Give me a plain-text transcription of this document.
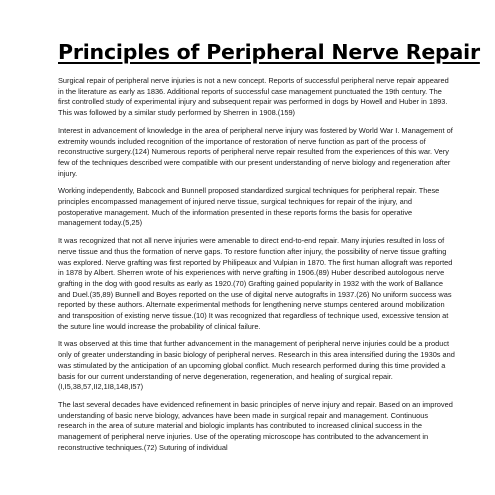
Principles of Peripheral Nerve Repair

Surgical repair of peripheral nerve injuries is not a new concept. Reports of successful peripheral nerve repair appeared in the literature as early as 1836. Additional reports of successful case management punctuated the 19th century. The first controlled study of experimental injury and subsequent repair was performed in dogs by Howell and Huber in 1893. This was followed by a similar study performed by Sherren in 1908.(159)

Interest in advancement of knowledge in the area of peripheral nerve injury was fostered by World War I. Management of extremity wounds included recognition of the importance of restoration of nerve function as part of the process of reconstructive surgery.(124) Numerous reports of peripheral nerve repair resulted from the experiences of this war. Very few of the techniques described were compatible with our present understanding of nerve biology and regeneration after injury.

Working independently, Babcock and Bunnell proposed standardized surgical techniques for peripheral repair. These principles encompassed management of injured nerve tissue, surgical techniques for repair of the injury, and postoperative management. Much of the information presented in these reports forms the basis for operative management today.(5,25)

It was recognized that not all nerve injuries were amenable to direct end-to-end repair. Many injuries resulted in loss of nerve tissue and thus the formation of nerve gaps. To restore function after injury, the possibility of nerve tissue grafting was explored. Nerve grafting was first reported by Philipeaux and Vulpian in 1870. The first human allograft was reported in 1878 by Albert. Sherren wrote of his experiences with nerve grafting in 1906.(89) Huber described autologous nerve grafting in the dog with good results as early as 1920.(70) Grafting gained popularity in 1932 with the work of Ballance and Duel.(35,89) Bunnell and Boyes reported on the use of digital nerve autografts in 1937.(26) No uniform success was reported by these authors. Alternate experimental methods for lengthening nerve stumps centered around mobilization and transposition of existing nerve tissue.(10) It was recognized that regardless of technique used, excessive tension at the suture line would increase the probability of clinical failure.

It was observed at this time that further advancement in the management of peripheral nerve injuries could be a product only of greater understanding in basic biology of peripheral nerves. Research in this area intensified during the 1930s and was stimulated by the anticipation of an upcoming global conflict. Much research performed during this time provided a basis for our current understanding of nerve degeneration, regeneration, and healing of surgical repair.(I,I5,38,57,II2,1I8,148,I57)

The last several decades have evidenced refinement in basic principles of nerve injury and repair. Based on an improved understanding of basic nerve biology, advances have been made in surgical repair and management. Continuous research in the area of suture material and biologic implants has contributed to increased clinical success in the management of peripheral nerve injuries. Use of the operating microscope has contributed to the advancement in reconstructive techniques.(72) Suturing of individual
